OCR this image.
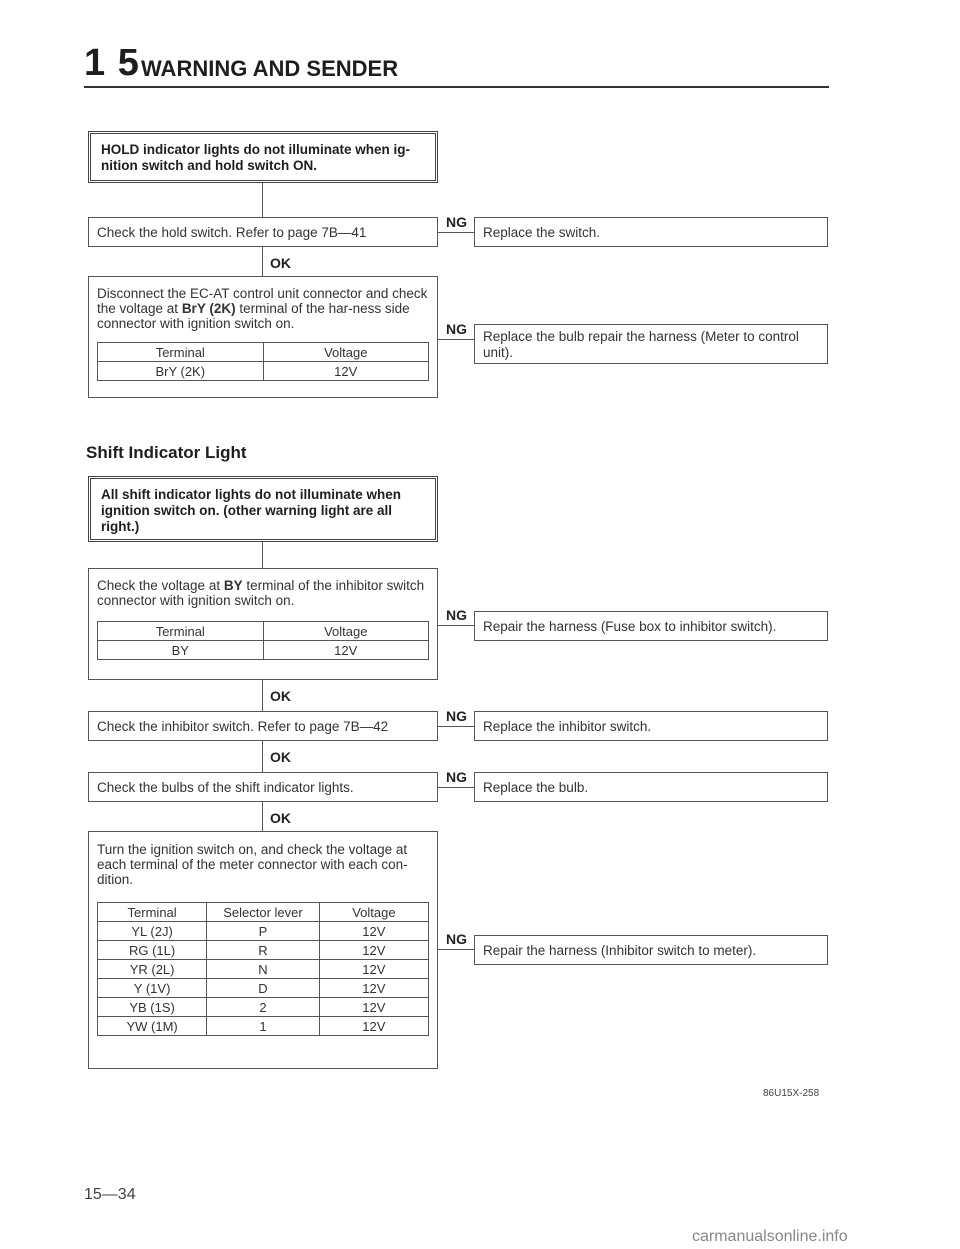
1 5 WARNING AND SENDER
HOLD indicator lights do not illuminate when ig-
nition switch and hold switch ON.
Check the hold switch. Refer to page 7B—41
NG
Replace the switch.
OK
Disconnect the EC-AT control unit connector and check the voltage at BrY (2K) terminal of the har-ness side connector with ignition switch on.
Terminal	Voltage
BrY (2K)	12V
NG	Replace the bulb repair the harness (Meter to control unit).
Shift Indicator Light
All shift indicator lights do not illuminate when ignition switch on. (other warning light are all right.)
Check the voltage at BY terminal of the inhibitor switch connector with ignition switch on.
Terminal	Voltage
BY	12V
NG
Repair the harness (Fuse box to inhibitor switch).
OK
Check the inhibitor switch. Refer to page 7B—42
NG
Replace the inhibitor switch.
OK
Check the bulbs of the shift indicator lights.
NG
Replace the bulb.
OK
Turn the ignition switch on, and check the voltage at each terminal of the meter connector with each con-dition.
Terminal	Selector lever	Voltage
YL (2J)	P	12V
RG (1L)	R	12V
YR (2L)	N	12V
Y (1V)	D	12V
YB (1S)	2	12V
YW (1M)	1	12V
NG
Repair the harness (Inhibitor switch to meter).
86U15X-258
15—34
carmanualsonline.info
